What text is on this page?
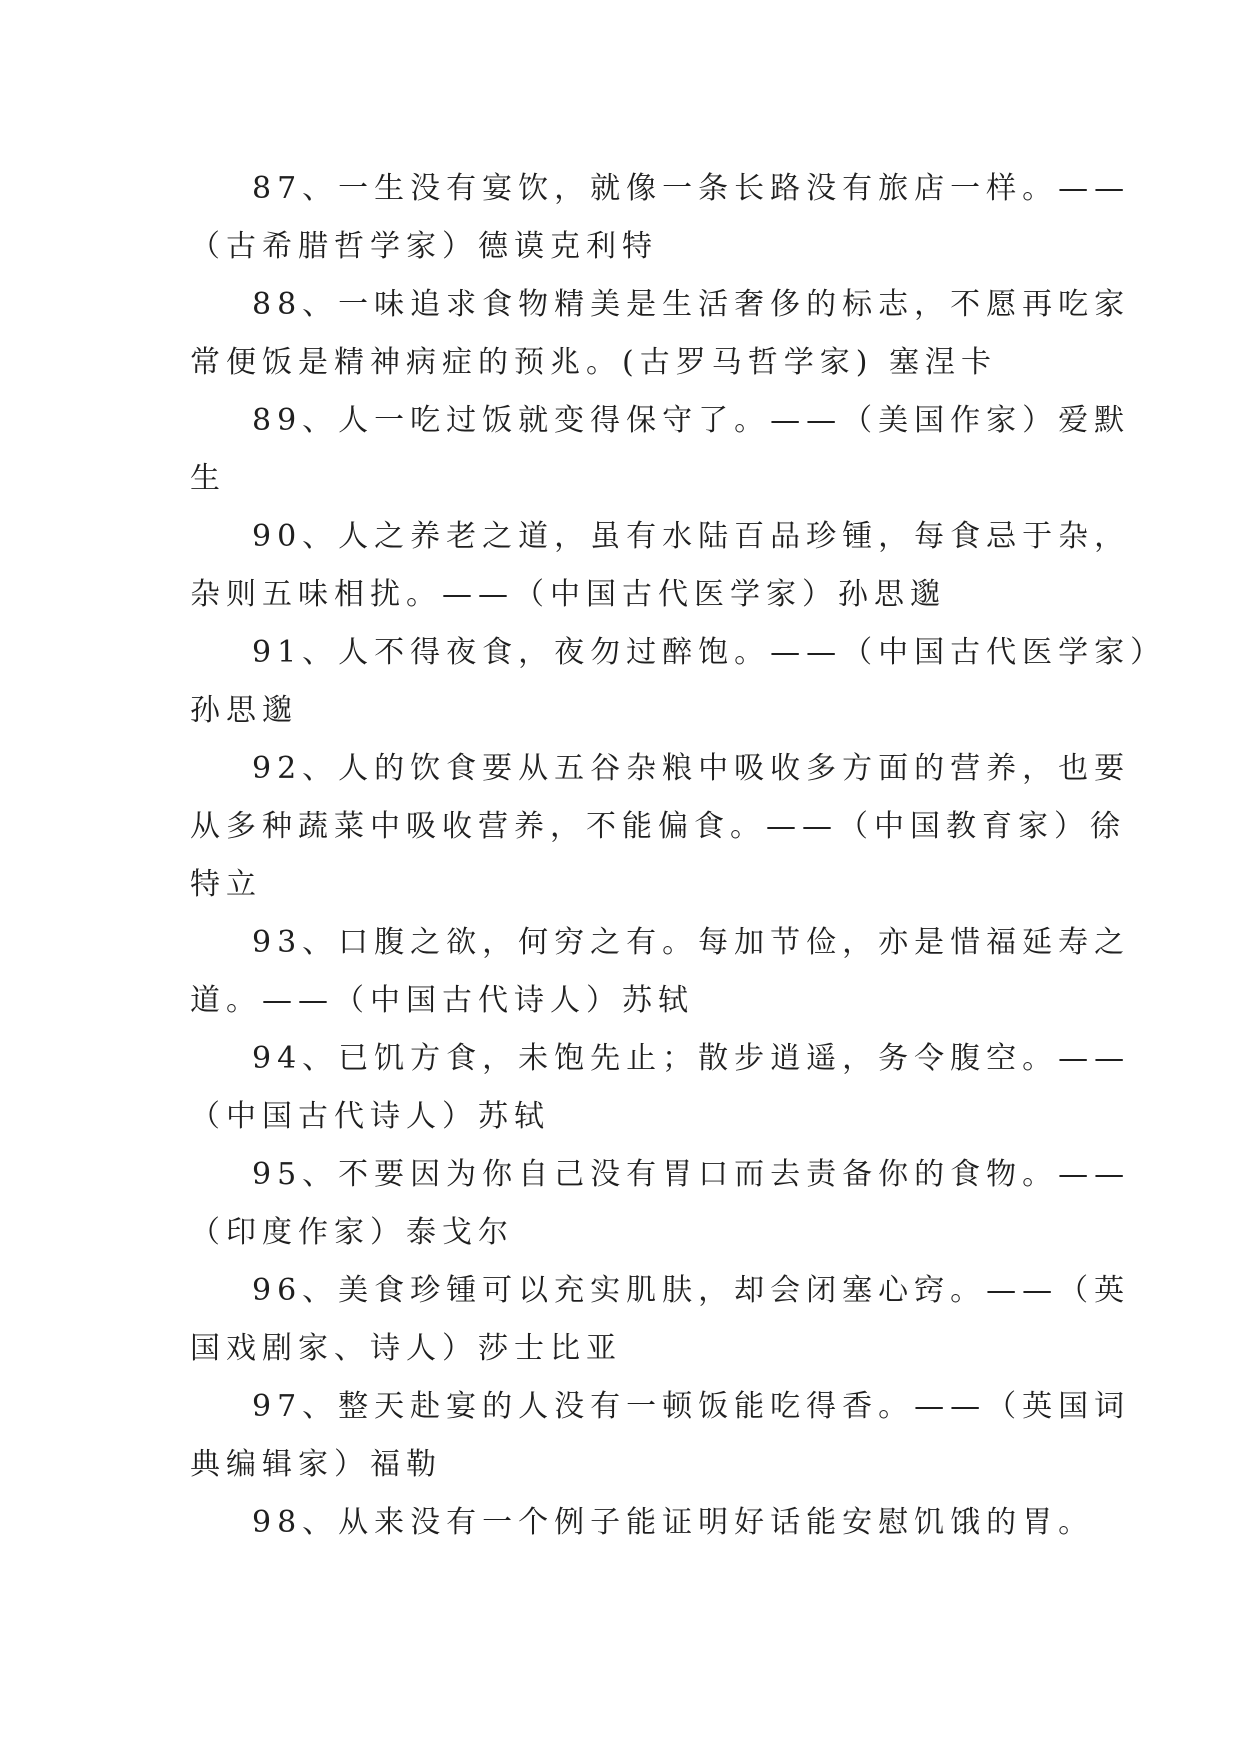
87、一生没有宴饮，就像一条长路没有旅店一样。——
（古希腊哲学家）德谟克利特
88、一味追求食物精美是生活奢侈的标志，不愿再吃家
常便饭是精神病症的预兆。(古罗马哲学家) 塞涅卡
89、人一吃过饭就变得保守了。——（美国作家）爱默
生
90、人之养老之道，虽有水陆百品珍锺，每食忌于杂，
杂则五味相扰。——（中国古代医学家）孙思邈
91、人不得夜食，夜勿过醉饱。——（中国古代医学家）
孙思邈
92、人的饮食要从五谷杂粮中吸收多方面的营养，也要
从多种蔬菜中吸收营养，不能偏食。——（中国教育家）徐
特立
93、口腹之欲，何穷之有。每加节俭，亦是惜福延寿之
道。——（中国古代诗人）苏轼
94、已饥方食，未饱先止；散步逍遥，务令腹空。——
（中国古代诗人）苏轼
95、不要因为你自己没有胃口而去责备你的食物。——
（印度作家）泰戈尔
96、美食珍锺可以充实肌肤，却会闭塞心窍。——（英
国戏剧家、诗人）莎士比亚
97、整天赴宴的人没有一顿饭能吃得香。——（英国词
典编辑家）福勒
98、从来没有一个例子能证明好话能安慰饥饿的胃。
